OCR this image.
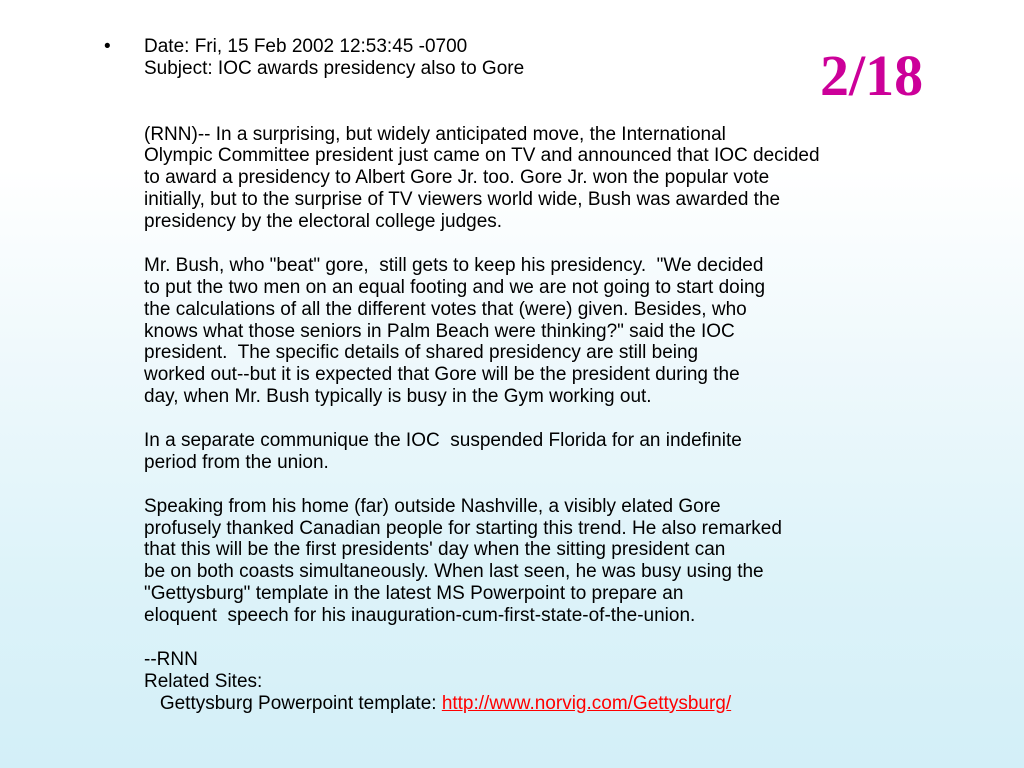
2/18
• Date: Fri, 15 Feb 2002 12:53:45 -0700
Subject: IOC awards presidency also to Gore
(RNN)-- In a surprising, but widely anticipated move, the International
Olympic Committee president just came on TV and announced that IOC decided
to award a presidency to Albert Gore Jr. too. Gore Jr. won the popular vote
initially, but to the surprise of TV viewers world wide, Bush was awarded the
presidency by the electoral college judges.
Mr. Bush, who "beat" gore,  still gets to keep his presidency.  "We decided
to put the two men on an equal footing and we are not going to start doing
the calculations of all the different votes that (were) given. Besides, who
knows what those seniors in Palm Beach were thinking?" said the IOC
president.  The specific details of shared presidency are still being
worked out--but it is expected that Gore will be the president during the
day, when Mr. Bush typically is busy in the Gym working out.
In a separate communique the IOC  suspended Florida for an indefinite
period from the union.
Speaking from his home (far) outside Nashville, a visibly elated Gore
profusely thanked Canadian people for starting this trend. He also remarked
that this will be the first presidents' day when the sitting president can
be on both coasts simultaneously. When last seen, he was busy using the
"Gettysburg" template in the latest MS Powerpoint to prepare an
eloquent  speech for his inauguration-cum-first-state-of-the-union.
--RNN
Related Sites:
Gettysburg Powerpoint template: http://www.norvig.com/Gettysburg/
